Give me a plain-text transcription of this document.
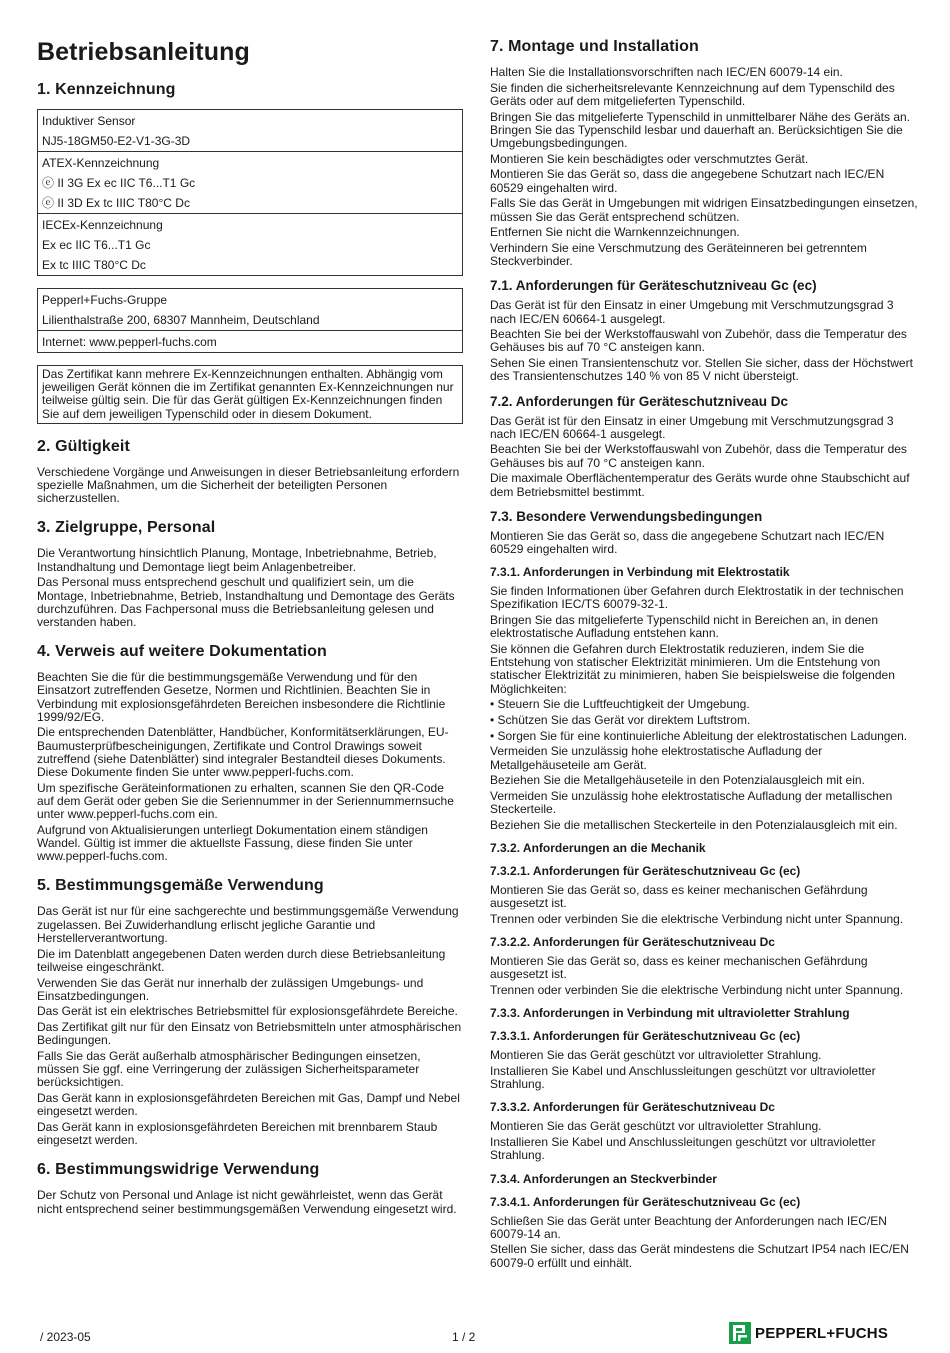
Betriebsanleitung
1. Kennzeichnung
Induktiver Sensor
NJ5-18GM50-E2-V1-3G-3D
ATEX-Kennzeichnung
ⓔ II 3G Ex ec IIC T6...T1 Gc
ⓔ II 3D Ex tc IIIC T80°C Dc
IECEx-Kennzeichnung
Ex ec IIC T6...T1 Gc
Ex tc IIIC T80°C Dc
Pepperl+Fuchs-Gruppe
Lilienthalstraße 200, 68307 Mannheim, Deutschland
Internet: www.pepperl-fuchs.com

Das Zertifikat kann mehrere Ex-Kennzeichnungen enthalten. Abhängig vom jeweiligen Gerät können die im Zertifikat genannten Ex-Kennzeichnungen nur teilweise gültig sein. Die für das Gerät gültigen Ex-Kennzeichnungen finden Sie auf dem jeweiligen Typenschild oder in diesem Dokument.

2. Gültigkeit

Verschiedene Vorgänge und Anweisungen in dieser Betriebsanleitung erfordern spezielle Maßnahmen, um die Sicherheit der beteiligten Personen sicherzustellen.

3. Zielgruppe, Personal

Die Verantwortung hinsichtlich Planung, Montage, Inbetriebnahme, Betrieb, Instandhaltung und Demontage liegt beim Anlagenbetreiber.

Das Personal muss entsprechend geschult und qualifiziert sein, um die Montage, Inbetriebnahme, Betrieb, Instandhaltung und Demontage des Geräts durchzuführen. Das Fachpersonal muss die Betriebsanleitung gelesen und verstanden haben.

4. Verweis auf weitere Dokumentation

Beachten Sie die für die bestimmungsgemäße Verwendung und für den Einsatzort zutreffenden Gesetze, Normen und Richtlinien. Beachten Sie in Verbindung mit explosionsgefährdeten Bereichen insbesondere die Richtlinie 1999/92/EG.

Die entsprechenden Datenblätter, Handbücher, Konformitätserklärungen, EU-Baumusterprüfbescheinigungen, Zertifikate und Control Drawings soweit zutreffend (siehe Datenblätter) sind integraler Bestandteil dieses Dokuments. Diese Dokumente finden Sie unter www.pepperl-fuchs.com.

Um spezifische Geräteinformationen zu erhalten, scannen Sie den QR-Code auf dem Gerät oder geben Sie die Seriennummer in der Seriennummernsuche unter www.pepperl-fuchs.com ein.

Aufgrund von Aktualisierungen unterliegt Dokumentation einem ständigen Wandel. Gültig ist immer die aktuellste Fassung, diese finden Sie unter www.pepperl-fuchs.com.

5. Bestimmungsgemäße Verwendung

Das Gerät ist nur für eine sachgerechte und bestimmungsgemäße Verwendung zugelassen. Bei Zuwiderhandlung erlischt jegliche Garantie und Herstellerverantwortung.

Die im Datenblatt angegebenen Daten werden durch diese Betriebsanleitung teilweise eingeschränkt.

Verwenden Sie das Gerät nur innerhalb der zulässigen Umgebungs- und Einsatzbedingungen.

Das Gerät ist ein elektrisches Betriebsmittel für explosionsgefährdete Bereiche.

Das Zertifikat gilt nur für den Einsatz von Betriebsmitteln unter atmosphärischen Bedingungen.

Falls Sie das Gerät außerhalb atmosphärischer Bedingungen einsetzen, müssen Sie ggf. eine Verringerung der zulässigen Sicherheitsparameter berücksichtigen.

Das Gerät kann in explosionsgefährdeten Bereichen mit Gas, Dampf und Nebel eingesetzt werden.

Das Gerät kann in explosionsgefährdeten Bereichen mit brennbarem Staub eingesetzt werden.

6. Bestimmungswidrige Verwendung

Der Schutz von Personal und Anlage ist nicht gewährleistet, wenn das Gerät nicht entsprechend seiner bestimmungsgemäßen Verwendung eingesetzt wird.

7. Montage und Installation

Halten Sie die Installationsvorschriften nach IEC/EN 60079-14 ein.

Sie finden die sicherheitsrelevante Kennzeichnung auf dem Typenschild des Geräts oder auf dem mitgelieferten Typenschild.

Bringen Sie das mitgelieferte Typenschild in unmittelbarer Nähe des Geräts an. Bringen Sie das Typenschild lesbar und dauerhaft an. Berücksichtigen Sie die Umgebungsbedingungen.

Montieren Sie kein beschädigtes oder verschmutztes Gerät.

Montieren Sie das Gerät so, dass die angegebene Schutzart nach IEC/EN 60529 eingehalten wird.

Falls Sie das Gerät in Umgebungen mit widrigen Einsatzbedingungen einsetzen, müssen Sie das Gerät entsprechend schützen.

Entfernen Sie nicht die Warnkennzeichnungen.

Verhindern Sie eine Verschmutzung des Geräteinneren bei getrenntem Steckverbinder.

7.1. Anforderungen für Geräteschutzniveau Gc (ec)

Das Gerät ist für den Einsatz in einer Umgebung mit Verschmutzungsgrad 3 nach IEC/EN 60664-1 ausgelegt.

Beachten Sie bei der Werkstoffauswahl von Zubehör, dass die Temperatur des Gehäuses bis auf 70 °C ansteigen kann.

Sehen Sie einen Transientenschutz vor. Stellen Sie sicher, dass der Höchstwert des Transientenschutzes 140 % von 85 V nicht übersteigt.

7.2. Anforderungen für Geräteschutzniveau Dc

Das Gerät ist für den Einsatz in einer Umgebung mit Verschmutzungsgrad 3 nach IEC/EN 60664-1 ausgelegt.

Beachten Sie bei der Werkstoffauswahl von Zubehör, dass die Temperatur des Gehäuses bis auf 70 °C ansteigen kann.

Die maximale Oberflächentemperatur des Geräts wurde ohne Staubschicht auf dem Betriebsmittel bestimmt.

7.3. Besondere Verwendungsbedingungen

Montieren Sie das Gerät so, dass die angegebene Schutzart nach IEC/EN 60529 eingehalten wird.

7.3.1. Anforderungen in Verbindung mit Elektrostatik

Sie finden Informationen über Gefahren durch Elektrostatik in der technischen Spezifikation IEC/TS 60079-32-1.

Bringen Sie das mitgelieferte Typenschild nicht in Bereichen an, in denen elektrostatische Aufladung entstehen kann.

Sie können die Gefahren durch Elektrostatik reduzieren, indem Sie die Entstehung von statischer Elektrizität minimieren. Um die Entstehung von statischer Elektrizität zu minimieren, haben Sie beispielsweise die folgenden Möglichkeiten:

• Steuern Sie die Luftfeuchtigkeit der Umgebung.

• Schützen Sie das Gerät vor direktem Luftstrom.

• Sorgen Sie für eine kontinuierliche Ableitung der elektrostatischen Ladungen.

Vermeiden Sie unzulässig hohe elektrostatische Aufladung der Metallgehäuseteile am Gerät.

Beziehen Sie die Metallgehäuseteile in den Potenzialausgleich mit ein.

Vermeiden Sie unzulässig hohe elektrostatische Aufladung der metallischen Steckerteile.

Beziehen Sie die metallischen Steckerteile in den Potenzialausgleich mit ein.

7.3.2. Anforderungen an die Mechanik
7.3.2.1. Anforderungen für Geräteschutzniveau Gc (ec)

Montieren Sie das Gerät so, dass es keiner mechanischen Gefährdung ausgesetzt ist.

Trennen oder verbinden Sie die elektrische Verbindung nicht unter Spannung.

7.3.2.2. Anforderungen für Geräteschutzniveau Dc

Montieren Sie das Gerät so, dass es keiner mechanischen Gefährdung ausgesetzt ist.

Trennen oder verbinden Sie die elektrische Verbindung nicht unter Spannung.

7.3.3. Anforderungen in Verbindung mit ultravioletter Strahlung
7.3.3.1. Anforderungen für Geräteschutzniveau Gc (ec)

Montieren Sie das Gerät geschützt vor ultravioletter Strahlung.

Installieren Sie Kabel und Anschlussleitungen geschützt vor ultravioletter Strahlung.

7.3.3.2. Anforderungen für Geräteschutzniveau Dc

Montieren Sie das Gerät geschützt vor ultravioletter Strahlung.

Installieren Sie Kabel und Anschlussleitungen geschützt vor ultravioletter Strahlung.

7.3.4. Anforderungen an Steckverbinder
7.3.4.1. Anforderungen für Geräteschutzniveau Gc (ec)

Schließen Sie das Gerät unter Beachtung der Anforderungen nach IEC/EN 60079-14 an.

Stellen Sie sicher, dass das Gerät mindestens die Schutzart IP54 nach IEC/EN 60079-0 erfüllt und einhält.

/ 2023-05	1 / 2	PEPPERL+FUCHS
